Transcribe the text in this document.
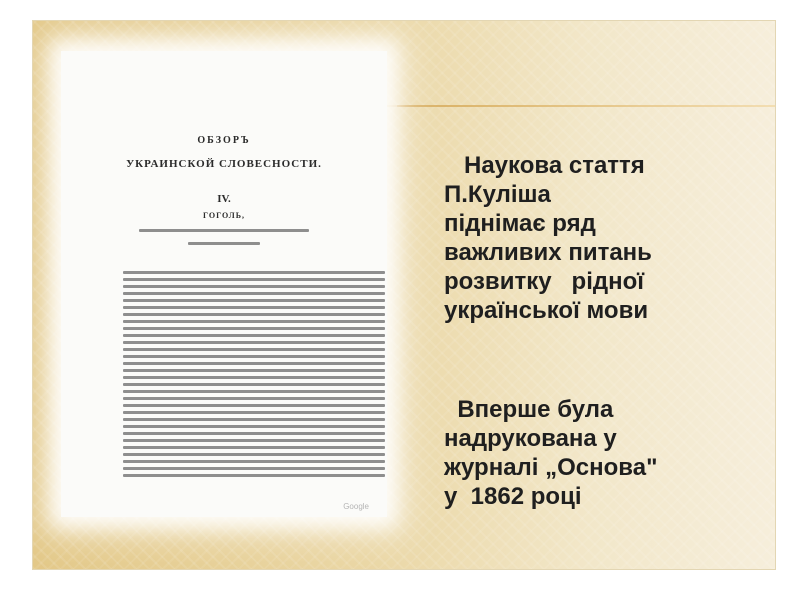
ОБЗОРЪ
УКРАИНСКОЙ СЛОВЕСНОСТИ.
IV.
ГОГОЛЬ,
Google
Наукова стаття
П.Куліша
піднімає ряд
важливих питань
розвитку   рідної
української мови
Вперше була
надрукована у
журналі „Основа"
у  1862 році
